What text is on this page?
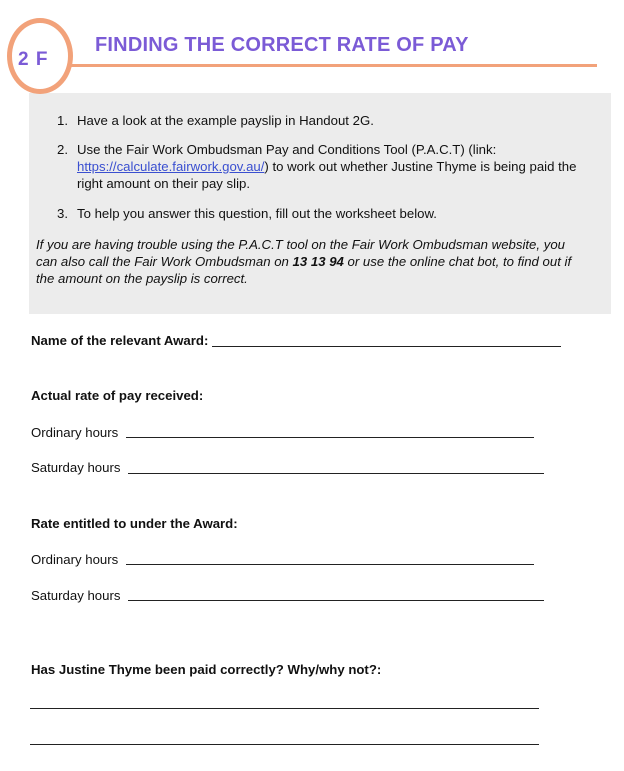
2 F
FINDING THE CORRECT RATE OF PAY
1. Have a look at the example payslip in Handout 2G.
2. Use the Fair Work Ombudsman Pay and Conditions Tool (P.A.C.T) (link:
https://calculate.fairwork.gov.au/) to work out whether Justine Thyme is being paid the
right amount on their pay slip.
3. To help you answer this question, fill out the worksheet below.
If you are having trouble using the P.A.C.T tool on the Fair Work Ombudsman website, you
can also call the Fair Work Ombudsman on 13 13 94 or use the online chat bot, to find out if
the amount on the payslip is correct.
Name of the relevant Award:
Actual rate of pay received:
Ordinary hours
Saturday hours
Rate entitled to under the Award:
Ordinary hours
Saturday hours
Has Justine Thyme been paid correctly? Why/why not?:
